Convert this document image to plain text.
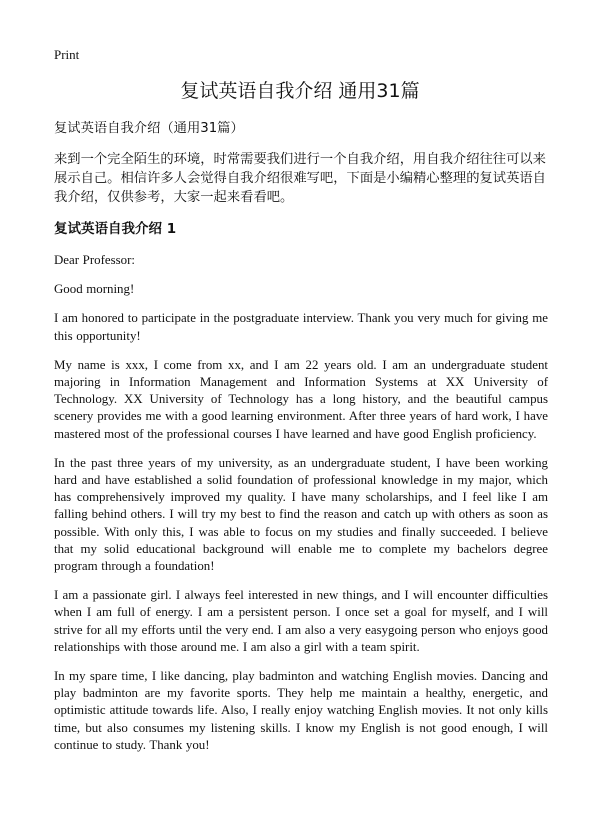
Print
复试英语自我介绍 通用31篇

复试英语自我介绍（通用31篇）

来到一个完全陌生的环境，时常需要我们进行一个自我介绍，用自我介绍往往可以来展示自己。相信许多人会觉得自我介绍很难写吧，下面是小编精心整理的复试英语自我介绍，仅供参考，大家一起来看看吧。

复试英语自我介绍 1

Dear Professor:

Good morning!

I am honored to participate in the postgraduate interview. Thank you very much for giving me this opportunity!

My name is xxx, I come from xx, and I am 22 years old. I am an undergraduate student majoring in Information Management and Information Systems at XX University of Technology. XX University of Technology has a long history, and the beautiful campus scenery provides me with a good learning environment. After three years of hard work, I have mastered most of the professional courses I have learned and have good English proficiency.

In the past three years of my university, as an undergraduate student, I have been working hard and have established a solid foundation of professional knowledge in my major, which has comprehensively improved my quality. I have many scholarships, and I feel like I am falling behind others. I will try my best to find the reason and catch up with others as soon as possible. With only this, I was able to focus on my studies and finally succeeded. I believe that my solid educational background will enable me to complete my bachelors degree program through a foundation!

I am a passionate girl. I always feel interested in new things, and I will encounter difficulties when I am full of energy. I am a persistent person. I once set a goal for myself, and I will strive for all my efforts until the very end. I am also a very easygoing person who enjoys good relationships with those around me. I am also a girl with a team spirit.

In my spare time, I like dancing, play badminton and watching English movies. Dancing and play badminton are my favorite sports. They help me maintain a healthy, energetic, and optimistic attitude towards life. Also, I really enjoy watching English movies. It not only kills time, but also consumes my listening skills. I know my English is not good enough, I will continue to study. Thank you!
